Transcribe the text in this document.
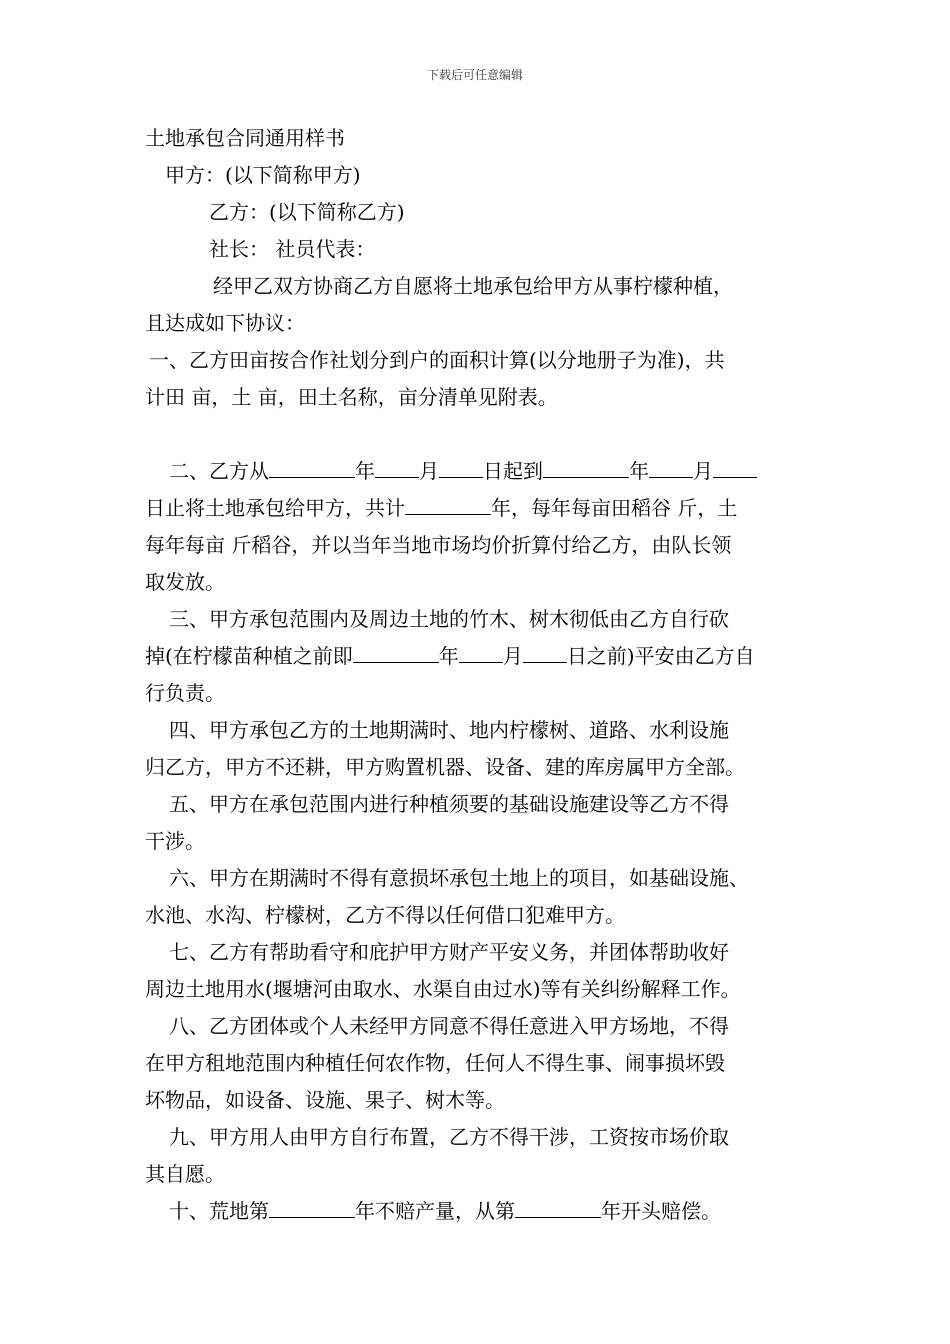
下载后可任意编辑
土地承包合同通用样书
甲方：(以下简称甲方)
乙方：(以下简称乙方)
社长： 社员代表：
经甲乙双方协商乙方自愿将土地承包给甲方从事柠檬种植，
且达成如下协议：
一、乙方田亩按合作社划分到户的面积计算(以分地册子为准)，共
计田 亩，土 亩，田土名称，亩分清单见附表。
二、乙方从	年 月 日起到	年 月
日止将土地承包给甲方，共计	年，每年每亩田稻谷 斤，土
每年每亩 斤稻谷，并以当年当地市场均价折算付给乙方，由队长领
取发放。
三、甲方承包范围内及周边土地的竹木、树木彻低由乙方自行砍
掉(在柠檬苗种植之前即	年 月 日之前)平安由乙方自
行负责。
四、甲方承包乙方的土地期满时、地内柠檬树、道路、水利设施
归乙方，甲方不还耕，甲方购置机器、设备、建的库房属甲方全部。
五、甲方在承包范围内进行种植须要的基础设施建设等乙方不得
干涉。
六、甲方在期满时不得有意损坏承包土地上的项目，如基础设施、
水池、水沟、柠檬树，乙方不得以任何借口犯难甲方。
七、乙方有帮助看守和庇护甲方财产平安义务，并团体帮助收好
周边土地用水(堰塘河由取水、水渠自由过水)等有关纠纷解释工作。
八、乙方团体或个人未经甲方同意不得任意进入甲方场地，不得
在甲方租地范围内种植任何农作物，任何人不得生事、闹事损坏毁
坏物品，如设备、设施、果子、树木等。
九、甲方用人由甲方自行布置，乙方不得干涉，工资按市场价取
其自愿。
十、荒地第	年不赔产量，从第	年开头赔偿。
